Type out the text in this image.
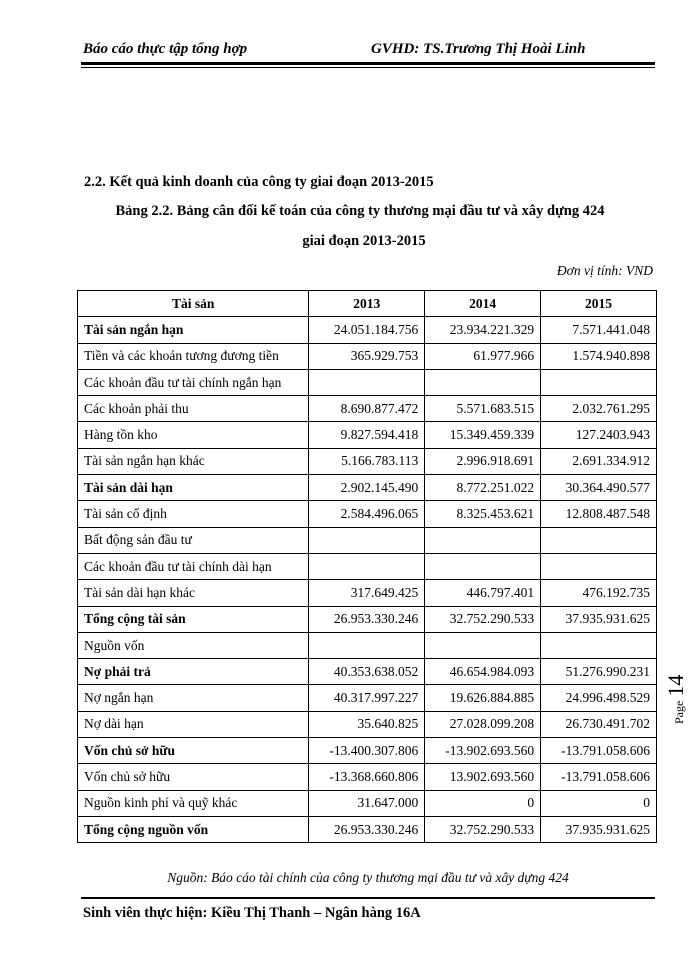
Báo cáo thực tập tổng hợp	GVHD: TS.Trương Thị Hoài Linh
2.2. Kết quả kinh doanh của công ty giai đoạn 2013-2015
Bảng 2.2. Bảng cân đối kế toán của công ty thương mại đầu tư và xây dựng 424
giai đoạn 2013-2015
Đơn vị tính: VND
Tài sản	2013	2014	2015
Tài sản ngắn hạn	24.051.184.756	23.934.221.329	7.571.441.048
Tiền và các khoản tương đương tiền	365.929.753	61.977.966	1.574.940.898
Các khoản đầu tư tài chính ngắn hạn			
Các khoản phải thu	8.690.877.472	5.571.683.515	2.032.761.295
Hàng tồn kho	9.827.594.418	15.349.459.339	127.2403.943
Tài sản ngắn hạn khác	5.166.783.113	2.996.918.691	2.691.334.912
Tài sản dài hạn	2.902.145.490	8.772.251.022	30.364.490.577
Tài sản cố định	2.584.496.065	8.325.453.621	12.808.487.548
Bất động sản đầu tư			
Các khoản đầu tư tài chính dài hạn			
Tài sản dài hạn khác	317.649.425	446.797.401	476.192.735
Tổng cộng tài sản	26.953.330.246	32.752.290.533	37.935.931.625
Nguồn vốn			
Nợ phải trả	40.353.638.052	46.654.984.093	51.276.990.231
Nợ ngắn hạn	40.317.997.227	19.626.884.885	24.996.498.529
Nợ dài hạn	35.640.825	27.028.099.208	26.730.491.702
Vốn chủ sở hữu	-13.400.307.806	-13.902.693.560	-13.791.058.606
Vốn chủ sở hữu	-13.368.660.806	13.902.693.560	-13.791.058.606
Nguồn kinh phí và quỹ khác	31.647.000	0	0
Tổng cộng nguồn vốn	26.953.330.246	32.752.290.533	37.935.931.625
Nguồn: Báo cáo tài chính của công ty thương mại đầu tư và xây dựng 424
Sinh viên thực hiện: Kiều Thị Thanh – Ngân hàng 16A
Page 14
